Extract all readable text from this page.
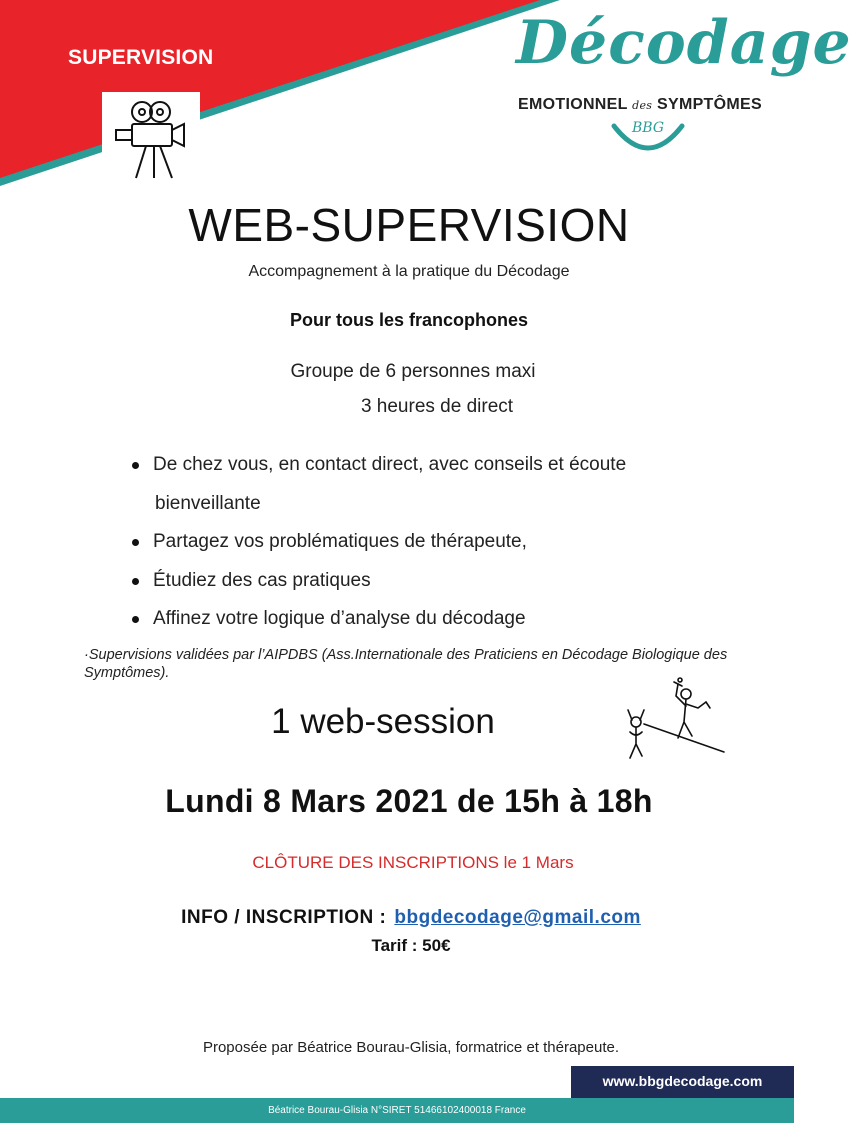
SUPERVISION	Décodage
EMOTIONNEL des SYMPTÔMES
BBG
WEB-SUPERVISION
Accompagnement à la pratique du Décodage
Pour tous les francophones
Groupe de 6 personnes maxi
3 heures de direct
De chez vous, en contact direct, avec conseils et écoute
bienveillante
Partagez vos problématiques de thérapeute,
Étudiez des cas pratiques
Affinez votre logique d’analyse du décodage
·Supervisions validées par l’AIPDBS (Ass.Internationale des Praticiens en Décodage Biologique des Symptômes).
1 web-session
Lundi 8 Mars 2021 de 15h à 18h
CLÔTURE DES INSCRIPTIONS le 1 Mars
INFO / INSCRIPTION : bbgdecodage@gmail.com
Tarif : 50€
Proposée par Béatrice Bourau-Glisia, formatrice et thérapeute.
www.bbgdecodage.com
Béatrice Bourau-Glisia N°SIRET 51466102400018 France
